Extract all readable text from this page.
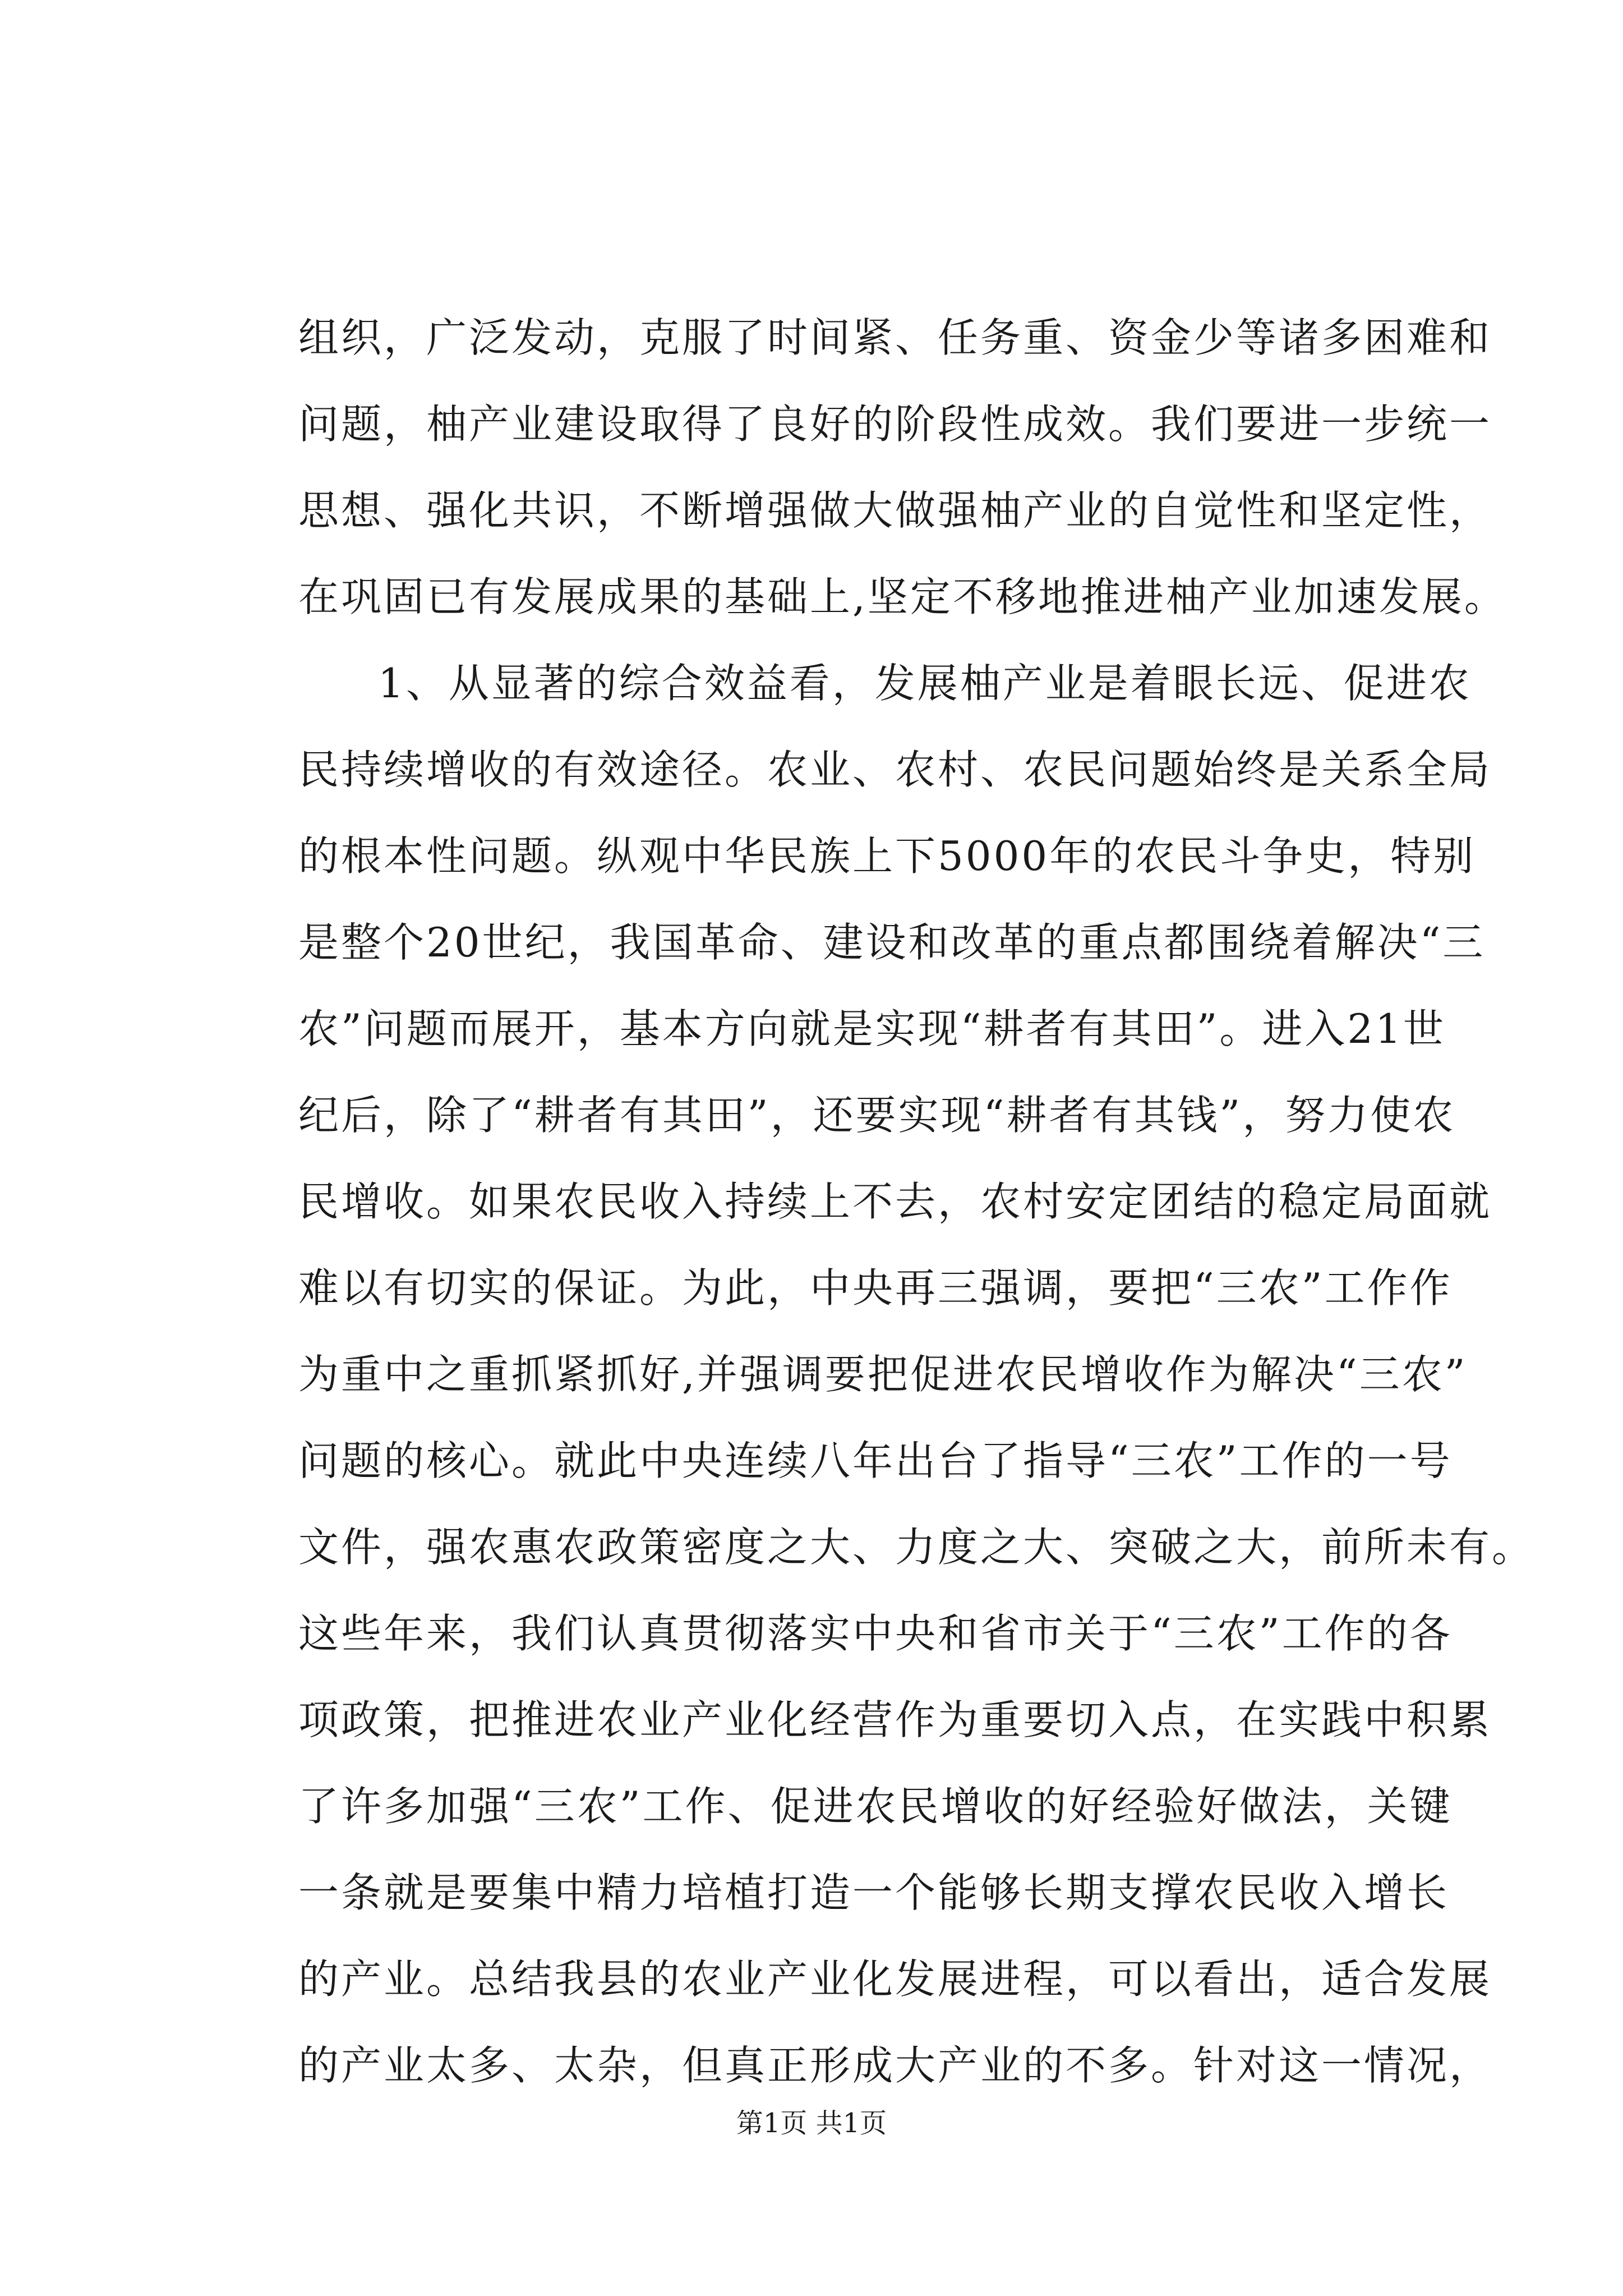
组织，广泛发动，克服了时间紧、任务重、资金少等诸多困难和
问题，柚产业建设取得了良好的阶段性成效。我们要进一步统一
思想、强化共识，不断增强做大做强柚产业的自觉性和坚定性，
在巩固已有发展成果的基础上,坚定不移地推进柚产业加速发展。
1、从显著的综合效益看，发展柚产业是着眼长远、促进农
民持续增收的有效途径。农业、农村、农民问题始终是关系全局
的根本性问题。纵观中华民族上下5000年的农民斗争史，特别
是整个20世纪，我国革命、建设和改革的重点都围绕着解决“三
农”问题而展开，基本方向就是实现“耕者有其田”。进入21世
纪后，除了“耕者有其田”，还要实现“耕者有其钱”，努力使农
民增收。如果农民收入持续上不去，农村安定团结的稳定局面就
难以有切实的保证。为此，中央再三强调，要把“三农”工作作
为重中之重抓紧抓好,并强调要把促进农民增收作为解决“三农”
问题的核心。就此中央连续八年出台了指导“三农”工作的一号
文件，强农惠农政策密度之大、力度之大、突破之大，前所未有。
这些年来，我们认真贯彻落实中央和省市关于“三农”工作的各
项政策，把推进农业产业化经营作为重要切入点，在实践中积累
了许多加强“三农”工作、促进农民增收的好经验好做法，关键
一条就是要集中精力培植打造一个能够长期支撑农民收入增长
的产业。总结我县的农业产业化发展进程，可以看出，适合发展
的产业太多、太杂，但真正形成大产业的不多。针对这一情况，
第1页 共1页
